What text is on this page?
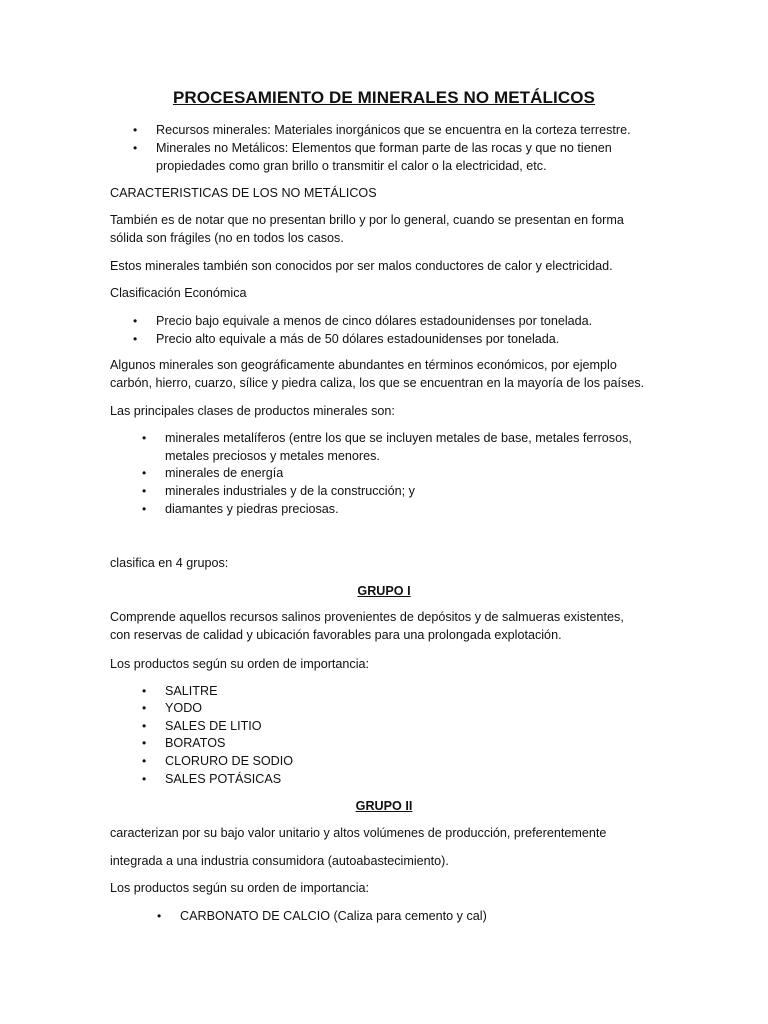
PROCESAMIENTO DE MINERALES NO METÁLICOS
• Recursos minerales: Materiales inorgánicos que se encuentra en la corteza terrestre.
• Minerales no Metálicos: Elementos que forman parte de las rocas y que no tienen
propiedades como gran brillo o transmitir el calor o la electricidad, etc.
CARACTERISTICAS DE LOS NO METÁLICOS
También es de notar que no presentan brillo y por lo general, cuando se presentan en forma
sólida son frágiles (no en todos los casos.
Estos minerales también son conocidos por ser malos conductores de calor y electricidad.
Clasificación Económica
• Precio bajo equivale a menos de cinco dólares estadounidenses por tonelada.
• Precio alto equivale a más de 50 dólares estadounidenses por tonelada.
Algunos minerales son geográficamente abundantes en términos económicos, por ejemplo
carbón, hierro, cuarzo, sílice y piedra caliza, los que se encuentran en la mayoría de los países.
Las principales clases de productos minerales son:
• minerales metalíferos (entre los que se incluyen metales de base, metales ferrosos,
metales preciosos y metales menores.
• minerales de energía
• minerales industriales y de la construcción; y
• diamantes y piedras preciosas.
clasifica en 4 grupos:
GRUPO I
Comprende aquellos recursos salinos provenientes de depósitos y de salmueras existentes,
con reservas de calidad y ubicación favorables para una prolongada explotación.
Los productos según su orden de importancia:
• SALITRE
• YODO
• SALES DE LITIO
• BORATOS
• CLORURO DE SODIO
• SALES POTÁSICAS
GRUPO II
caracterizan por su bajo valor unitario y altos volúmenes de producción, preferentemente
integrada a una industria consumidora (autoabastecimiento).
Los productos según su orden de importancia:
• CARBONATO DE CALCIO (Caliza para cemento y cal)
